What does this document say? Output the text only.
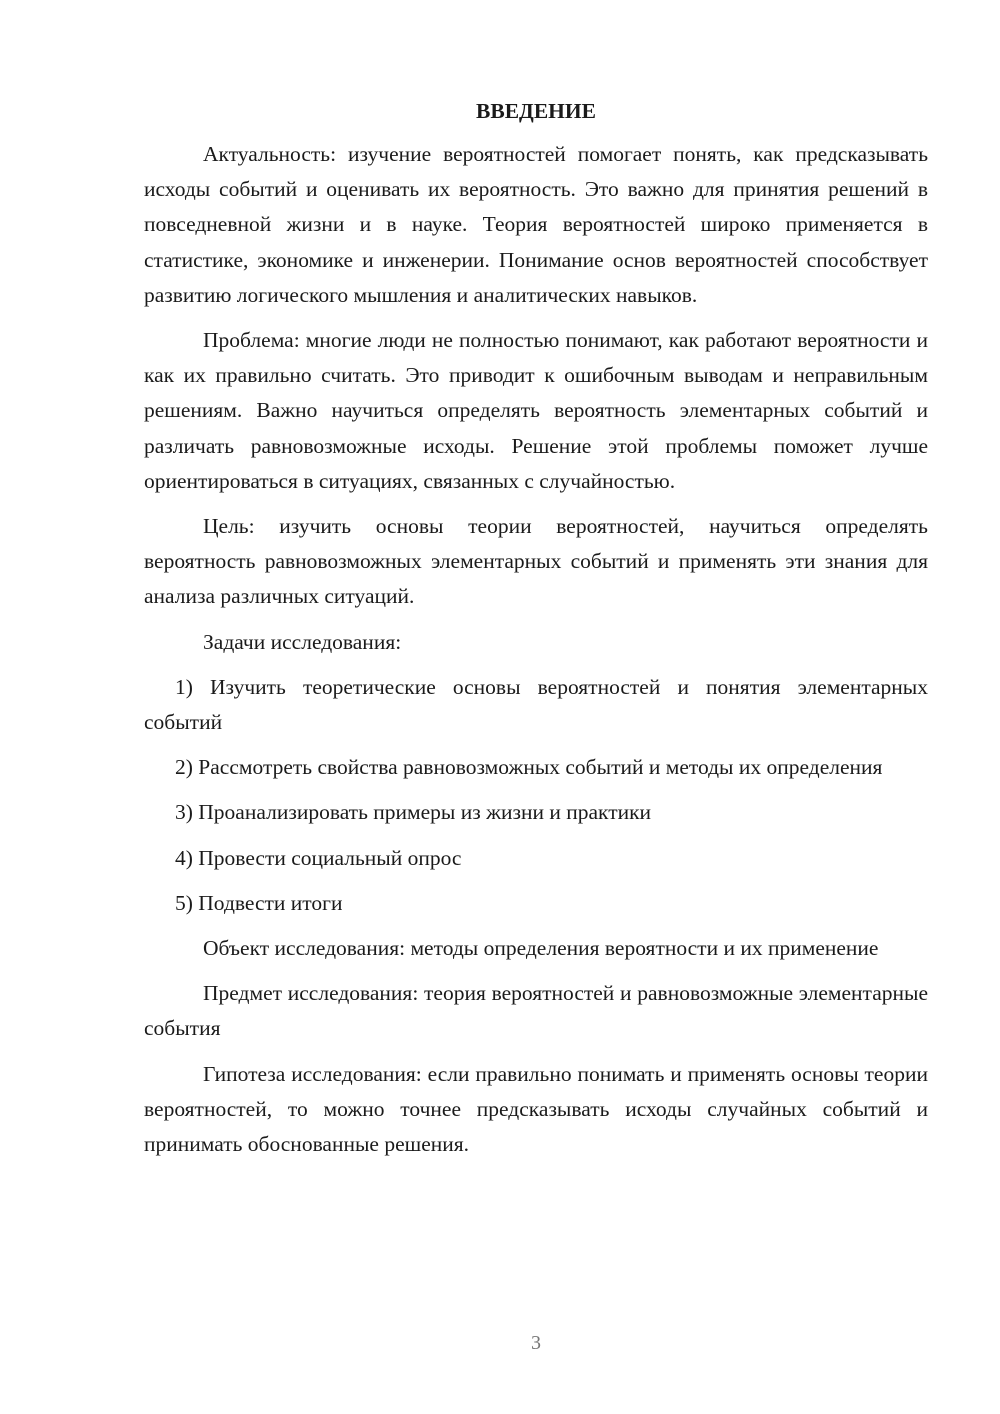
ВВЕДЕНИЕ

Актуальность: изучение вероятностей помогает понять, как предсказывать исходы событий и оценивать их вероятность. Это важно для принятия решений в повседневной жизни и в науке. Теория вероятностей широко применяется в статистике, экономике и инженерии. Понимание основ вероятностей способствует развитию логического мышления и аналитических навыков.

Проблема: многие люди не полностью понимают, как работают вероятности и как их правильно считать. Это приводит к ошибочным выводам и неправильным решениям. Важно научиться определять вероятность элементарных событий и различать равновозможные исходы. Решение этой проблемы поможет лучше ориентироваться в ситуациях, связанных с случайностью.

Цель: изучить основы теории вероятностей, научиться определять вероятность равновозможных элементарных событий и применять эти знания для анализа различных ситуаций.

Задачи исследования:

1) Изучить теоретические основы вероятностей и понятия элементарных событий

2) Рассмотреть свойства равновозможных событий и методы их определения

3) Проанализировать примеры из жизни и практики

4) Провести социальный опрос

5) Подвести итоги

Объект исследования: методы определения вероятности и их применение

Предмет исследования: теория вероятностей и равновозможные элементарные события

Гипотеза исследования: если правильно понимать и применять основы теории вероятностей, то можно точнее предсказывать исходы случайных событий и принимать обоснованные решения.

3
